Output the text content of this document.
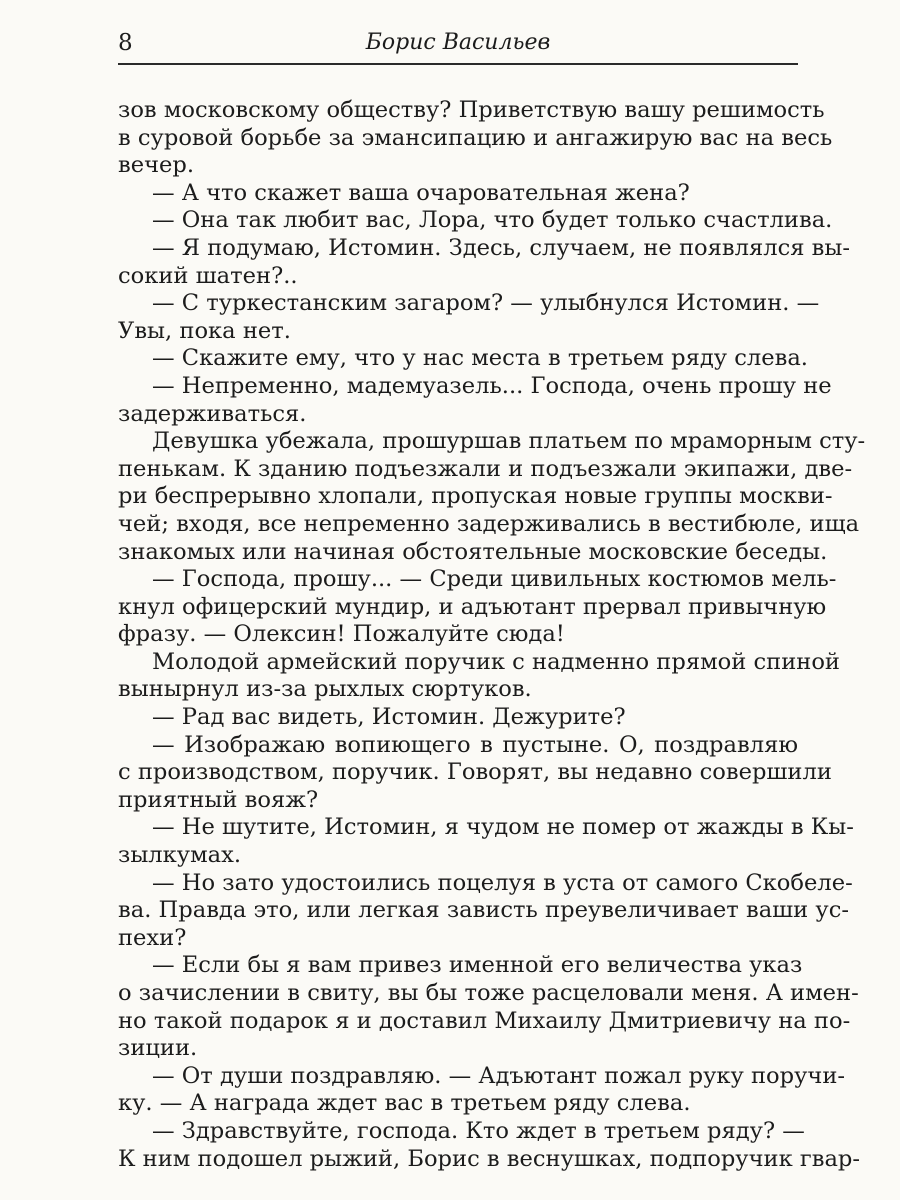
8	Борис Васильев
зов московскому обществу? Приветствую вашу решимость
в суровой борьбе за эмансипацию и ангажирую вас на весь
вечер.
— А что скажет ваша очаровательная жена?
— Она так любит вас, Лора, что будет только счастлива.
— Я подумаю, Истомин. Здесь, случаем, не появлялся вы-
сокий шатен?..
— С туркестанским загаром? — улыбнулся Истомин. —
Увы, пока нет.
— Скажите ему, что у нас места в третьем ряду слева.
— Непременно, мадемуазель... Господа, очень прошу не
задерживаться.
Девушка убежала, прошуршав платьем по мраморным сту-
пенькам. К зданию подъезжали и подъезжали экипажи, две-
ри беспрерывно хлопали, пропуская новые группы москви-
чей; входя, все непременно задерживались в вестибюле, ища
знакомых или начиная обстоятельные московские беседы.
— Господа, прошу... — Среди цивильных костюмов мель-
кнул офицерский мундир, и адъютант прервал привычную
фразу. — Олексин! Пожалуйте сюда!
Молодой армейский поручик с надменно прямой спиной
вынырнул из-за рыхлых сюртуков.
— Рад вас видеть, Истомин. Дежурите?
— Изображаю вопиющего в пустыне. О, поздравляю
с производством, поручик. Говорят, вы недавно совершили
приятный вояж?
— Не шутите, Истомин, я чудом не помер от жажды в Кы-
зылкумах.
— Но зато удостоились поцелуя в уста от самого Скобеле-
ва. Правда это, или легкая зависть преувеличивает ваши ус-
пехи?
— Если бы я вам привез именной его величества указ
о зачислении в свиту, вы бы тоже расцеловали меня. А имен-
но такой подарок я и доставил Михаилу Дмитриевичу на по-
зиции.
— От души поздравляю. — Адъютант пожал руку поручи-
ку. — А награда ждет вас в третьем ряду слева.
— Здравствуйте, господа. Кто ждет в третьем ряду? —
К ним подошел рыжий, Борис в веснушках, подпоручик гвар-
